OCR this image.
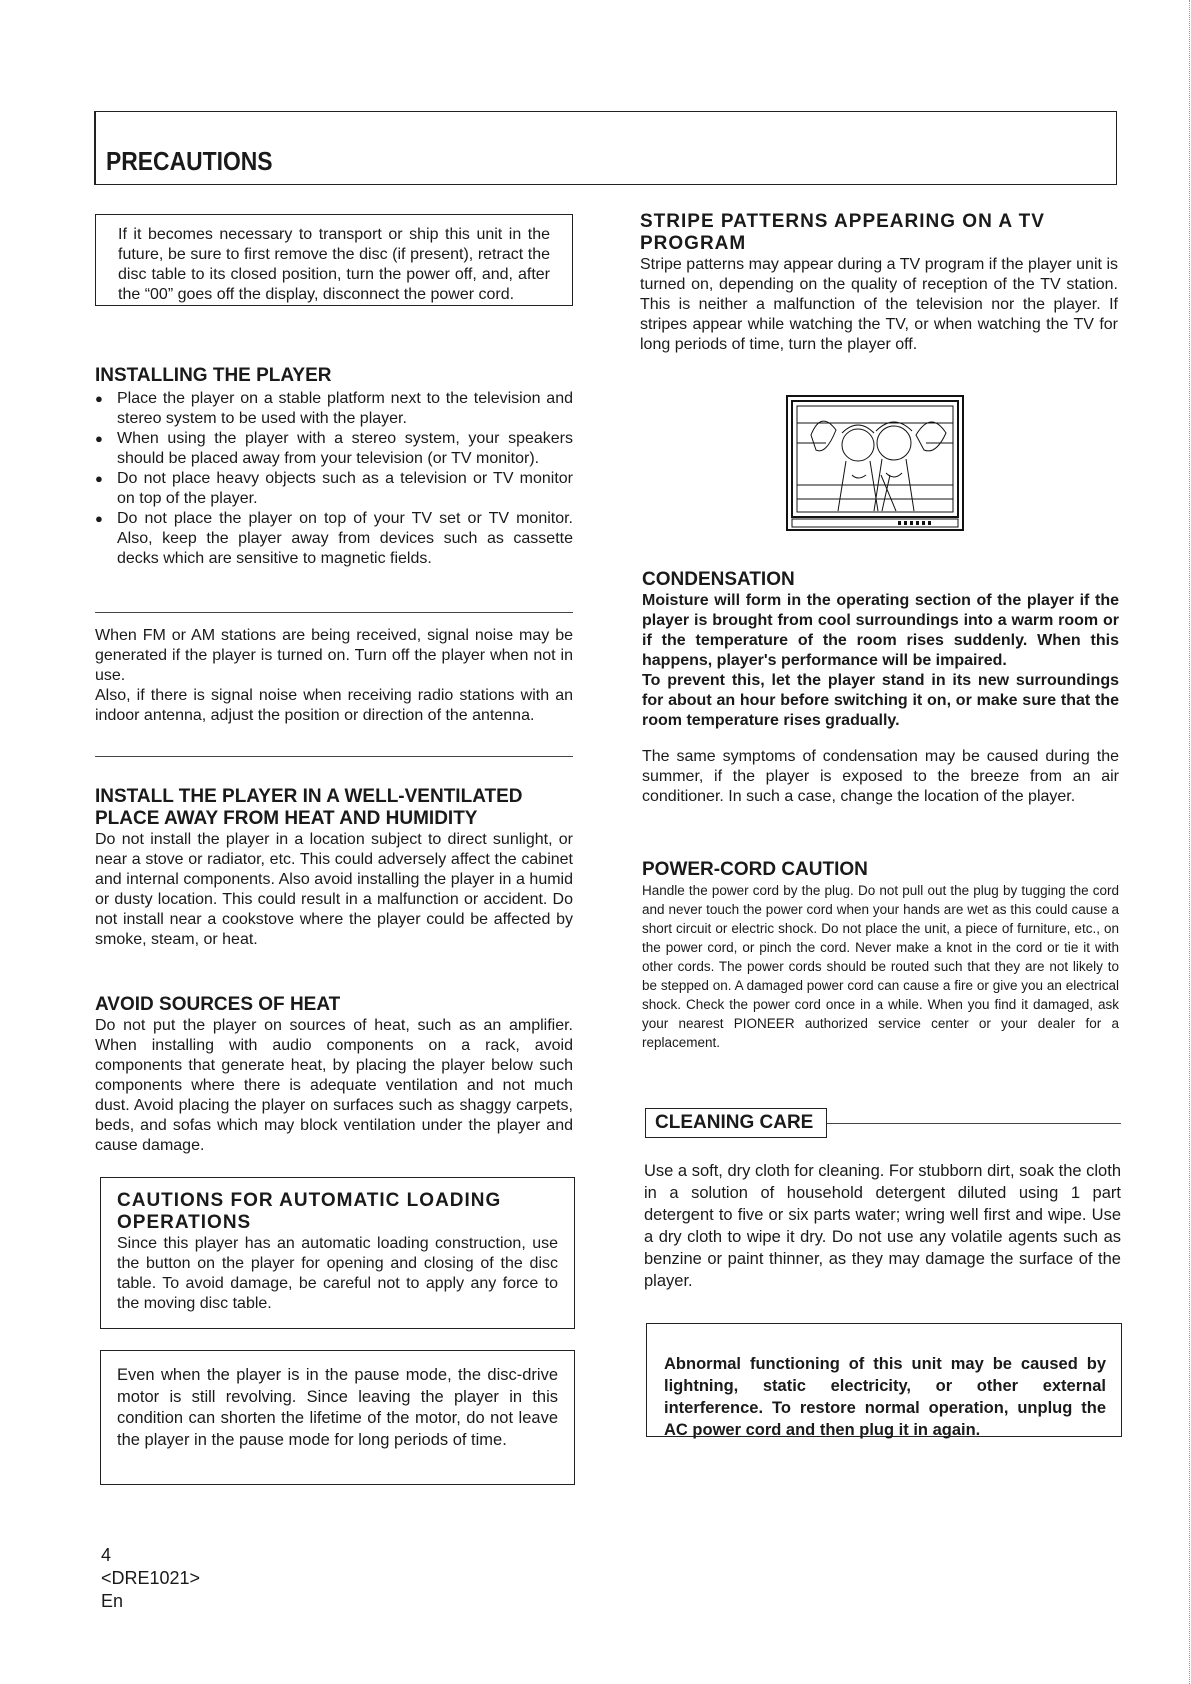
PRECAUTIONS

If it becomes necessary to transport or ship this unit in the future, be sure to first remove the disc (if present), retract the disc table to its closed position, turn the power off, and, after the “00” goes off the display, disconnect the power cord.

INSTALLING THE PLAYER
● Place the player on a stable platform next to the television and stereo system to be used with the player.
● When using the player with a stereo system, your speakers should be placed away from your television (or TV monitor).
● Do not place heavy objects such as a television or TV monitor on top of the player.
● Do not place the player on top of your TV set or TV monitor. Also, keep the player away from devices such as cassette decks which are sensitive to magnetic fields.

When FM or AM stations are being received, signal noise may be generated if the player is turned on. Turn off the player when not in use.

Also, if there is signal noise when receiving radio stations with an indoor antenna, adjust the position or direction of the antenna.

INSTALL THE PLAYER IN A WELL-VENTILATED PLACE AWAY FROM HEAT AND HUMIDITY
Do not install the player in a location subject to direct sunlight, or near a stove or radiator, etc. This could adversely affect the cabinet and internal components. Also avoid installing the player in a humid or dusty location. This could result in a malfunction or accident. Do not install near a cookstove where the player could be affected by smoke, steam, or heat.
AVOID SOURCES OF HEAT
Do not put the player on sources of heat, such as an amplifier. When installing with audio components on a rack, avoid components that generate heat, by placing the player below such components where there is adequate ventilation and not much dust. Avoid placing the player on surfaces such as shaggy carpets, beds, and sofas which may block ventilation under the player and cause damage.
CAUTIONS FOR AUTOMATIC LOADING OPERATIONS
Since this player has an automatic loading construction, use the button on the player for opening and closing of the disc table. To avoid damage, be careful not to apply any force to the moving disc table.

Even when the player is in the pause mode, the disc-drive motor is still revolving. Since leaving the player in this condition can shorten the lifetime of the motor, do not leave the player in the pause mode for long periods of time.

STRIPE PATTERNS APPEARING ON A TV PROGRAM
Stripe patterns may appear during a TV program if the player unit is turned on, depending on the quality of reception of the TV station. This is neither a malfunction of the television nor the player. If stripes appear while watching the TV, or when watching the TV for long periods of time, turn the player off.
CONDENSATION
Moisture will form in the operating section of the player if the player is brought from cool surroundings into a warm room or if the temperature of the room rises suddenly. When this happens, player's performance will be impaired.
To prevent this, let the player stand in its new surroundings for about an hour before switching it on, or make sure that the room temperature rises gradually.
The same symptoms of condensation may be caused during the summer, if the player is exposed to the breeze from an air conditioner. In such a case, change the location of the player.
POWER-CORD CAUTION
Handle the power cord by the plug. Do not pull out the plug by tugging the cord and never touch the power cord when your hands are wet as this could cause a short circuit or electric shock. Do not place the unit, a piece of furniture, etc., on the power cord, or pinch the cord. Never make a knot in the cord or tie it with other cords. The power cords should be routed such that they are not likely to be stepped on. A damaged power cord can cause a fire or give you an electrical shock. Check the power cord once in a while. When you find it damaged, ask your nearest PIONEER authorized service center or your dealer for a replacement.
CLEANING CARE

Use a soft, dry cloth for cleaning. For stubborn dirt, soak the cloth in a solution of household detergent diluted using 1 part detergent to five or six parts water; wring well first and wipe. Use a dry cloth to wipe it dry. Do not use any volatile agents such as benzine or paint thinner, as they may damage the surface of the player.

Abnormal functioning of this unit may be caused by lightning, static electricity, or other external interference. To restore normal operation, unplug the AC power cord and then plug it in again.

4
<DRE1021>
En
